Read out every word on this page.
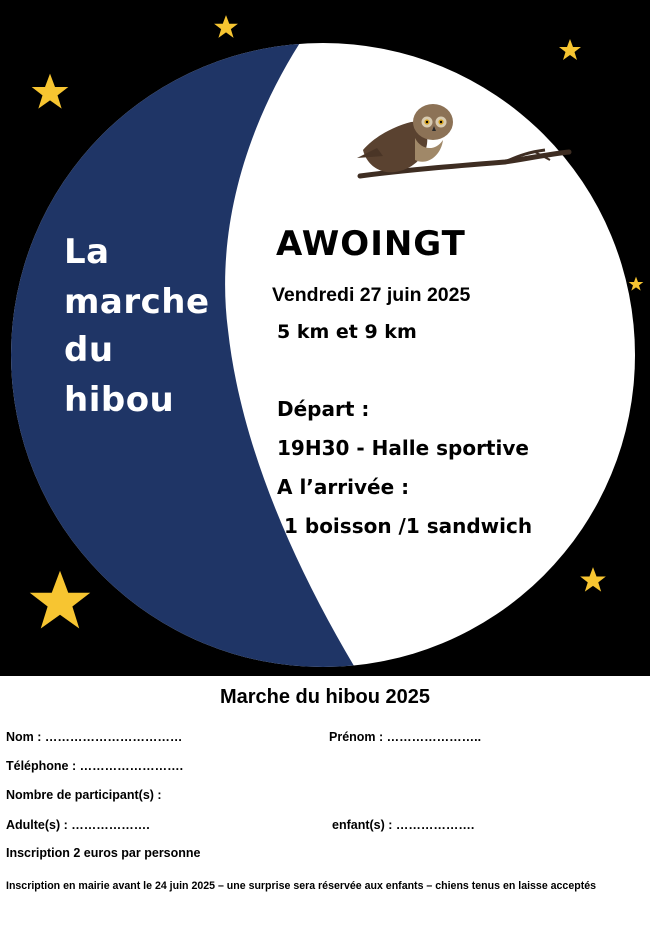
La
marche
du
hibou
AWOINGT
Vendredi 27 juin 2025
5 km et 9 km
Départ :
19H30 - Halle sportive
A l’arrivée :
1 boisson /1 sandwich
Marche du hibou 2025
Nom : ……………………………	Prénom : …………………..
Téléphone : …………………….
Nombre de participant(s) :
Adulte(s) : ……………….	enfant(s) : ……………….
Inscription 2 euros par personne
Inscription en mairie avant le 24 juin 2025 – une surprise sera réservée aux enfants – chiens tenus en laisse acceptés
